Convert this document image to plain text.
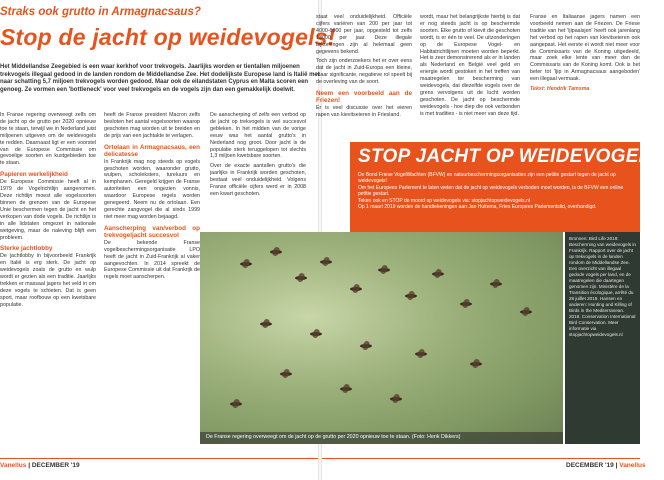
Straks ook grutto in Armagnacsaus?
Stop de jacht op weidevogels!
Het Middellandse Zeegebied is een waar kerkhof voor trekvogels. Jaarlijks worden er tientallen miljoenen trekvogels illegaal gedood in de landen rondom de Middellandse Zee. Het dodelijkste Europese land is Italië met naar schatting 5,7 miljoen trekvogels worden gedood. Maar ook de eilandstaten Cyprus en Malta scoren een genoeg. Ze vormen een 'bottleneck' voor veel trekvogels en de vogels zijn dan een gemakkelijk doelwit.

In Franse regering overweegt zelfs om de jacht op de grutto per 2020 opnieuw toe te staan, terwijl we in Nederland juist miljoenen uitgeven om de weidevogels te redden. Daarnaast ligt er een voorstel van de Europese Commissie om gevoelige soorten en kustgebieden toe te staan.

Papieren werkelijkheid

De Europese Commissie heeft al in 1979 de Vogelrichtlijn aangenomen. Deze richtlijn moest alle vogelsoorten binnen de grenzen van de Europese Unie beschermen tegen de jacht en het verkopen van dode vogels. De richtlijn is in alle lidstaten omgezet in nationale wetgeving, maar de naleving blijft een probleem.

Sterke jachtlobby

De jachtlobby in bijvoorbeeld Frankrijk en Italië is erg sterk. De jacht op weidevogels zoals de grutto en wulp wordt er gezien als een traditie. Jaarlijks trekken er massaal jagers het veld in om deze vogels te schieten. Dat is geen sport, maar roofbouw op een kwetsbare populatie.

heeft de Franse president Macron zelfs besloten het aantal vogelsoorten waarop geschoten mag worden uit te breiden en de prijs van een jachtakte te verlagen.

Ortolaan in Armagnacsaus, een delicatesse

In Frankrijk mag nog steeds op vogels geschoten worden, waaronder grutto, wulpen, scholeksters, tureluurs en kemphanen. Geregeld krijgen de Franse autoriteiten een ongezien vonnis, waardoor Europese regels worden genegeerd. Neem nu de ortolaan. Een gerechte zangvogel die al sinds 1999 niet meer mag worden bejaagd.

Aanscherping van/verbod op trekvogeljacht succesvol

De bekende Franse vogelbeschermingsorganisatie LPO heeft de jacht in Zuid-Frankrijk al vaker aangevochten. In 2014 spreekt de Europese Commissie uit dat Frankrijk de regels moet aanscherpen.

De aanscherping of zelfs een verbod op de jacht op trekvogels is wel succesvol gebleken. In het midden van de vorige eeuw was het aantal grutto's in Nederland nog groot. Door jacht is de populatie sterk teruggelopen tot slechts 1,3 miljoen kwetsbare soorten.

Over de exacte aantallen grutto's die jaarlijks in Frankrijk worden geschoten, bestaat veel onduidelijkheid. Volgens Franse officiële cijfers werd er in 2008 een kwart geschoten.

staat veel onduidelijkheid. Officiële cijfers variëren van 200 per jaar tot 4000-6000 per jaar, opgesteld tot zelfs 13000 per jaar. Deze illegale bijkomingen zijn al helemaal geen gegevens bekend.

Toch zijn onderzoekers het er over eens dat de jacht in Zuid-Europa een kleine, maar significante, negatieve rol speelt bij de overleving van de soort.

Neem een voorbeeld aan de Friezen!

Er is veel discussie over het eieren rapen van kievitseieren in Friesland.

wordt, maar het belangrijkste hierbij is dat er nog steeds jacht is op beschermde soorten. Elke grutto of kievit die geschoten wordt, is er één te veel. De uitzonderingen op de Europese Vogel- en Habitatrichtlijnen moeten worden beperkt. Het is zeer demonstrerend als er in landen als Nederland en België veel geld en energie wordt gestoken in het treffen van maatregelen ter bescherming van weidevogels, dat diezelfde vogels over de grens vervolgens uit de lucht worden geschoten. De jacht op beschermde weidevogels - hoe diep die ook verbonden is met tradities - is niet meer van deze tijd.

Franse en Italiaanse jagers namen een voorbeeld nemen aan de Friezen. De Friese traditie van het 'ljipaaisjen' heeft ook jarenlang het verbod op het rapen van kievitseieren ook aangepast. Het eerste ei wordt niet meer voor de Commissaris van de Koning uitgedeeld, maar zoek elke lente van meer dan de Commissaris van de Koning komt. Ook is het beter tot 'ljip in Armagnacsaus aangeboden' een illegaal vermaak.

Tekst: Hendrik Tamsma
STOP JACHT OP WEIDEVOGELS
De Bond Friese VogelWachten (BFVW) en natuurbeschermingsorganisaties zijn een petitie gestart tegen de jacht op weidevogels!
Om het Europees Parlement te laten weten dat de jacht op weidevogels verboden moet worden, is de BFVW een online petitie gestart.
Teken ook en STOP de moord op weidevogels via: stopjachtopweidevogels.nl
Op 1 maart 2019 worden de handtekeningen aan Jan Huitema, Fries Europees Parlementslid, overhandigd.
De Franse regering overweegt om de jacht op de grutto per 2020 opnieuw toe te staan. (Foto: Henk Dikkers)
Bronnen: Bird Life 2019: Bescherming van weidevogels in Frankrijk. Rapport over de jacht op trekvogels in de landen rondom de Middellandse Zee. Een overzicht van illegaal gedode vogels per land, en de maatregelen die daartegen genomen zijn. Ministère de la Transition écologique, arrêté du 28 juillet 2019. Hansen en anderen: Hunting and Killing of Birds in the Mediterranean. 2018. Conservation International Bird Conservation. Meer informatie via stopjachtopweidevogels.nl
Vanellus | DECEMBER '19	DECEMBER '19 | Vanellus
